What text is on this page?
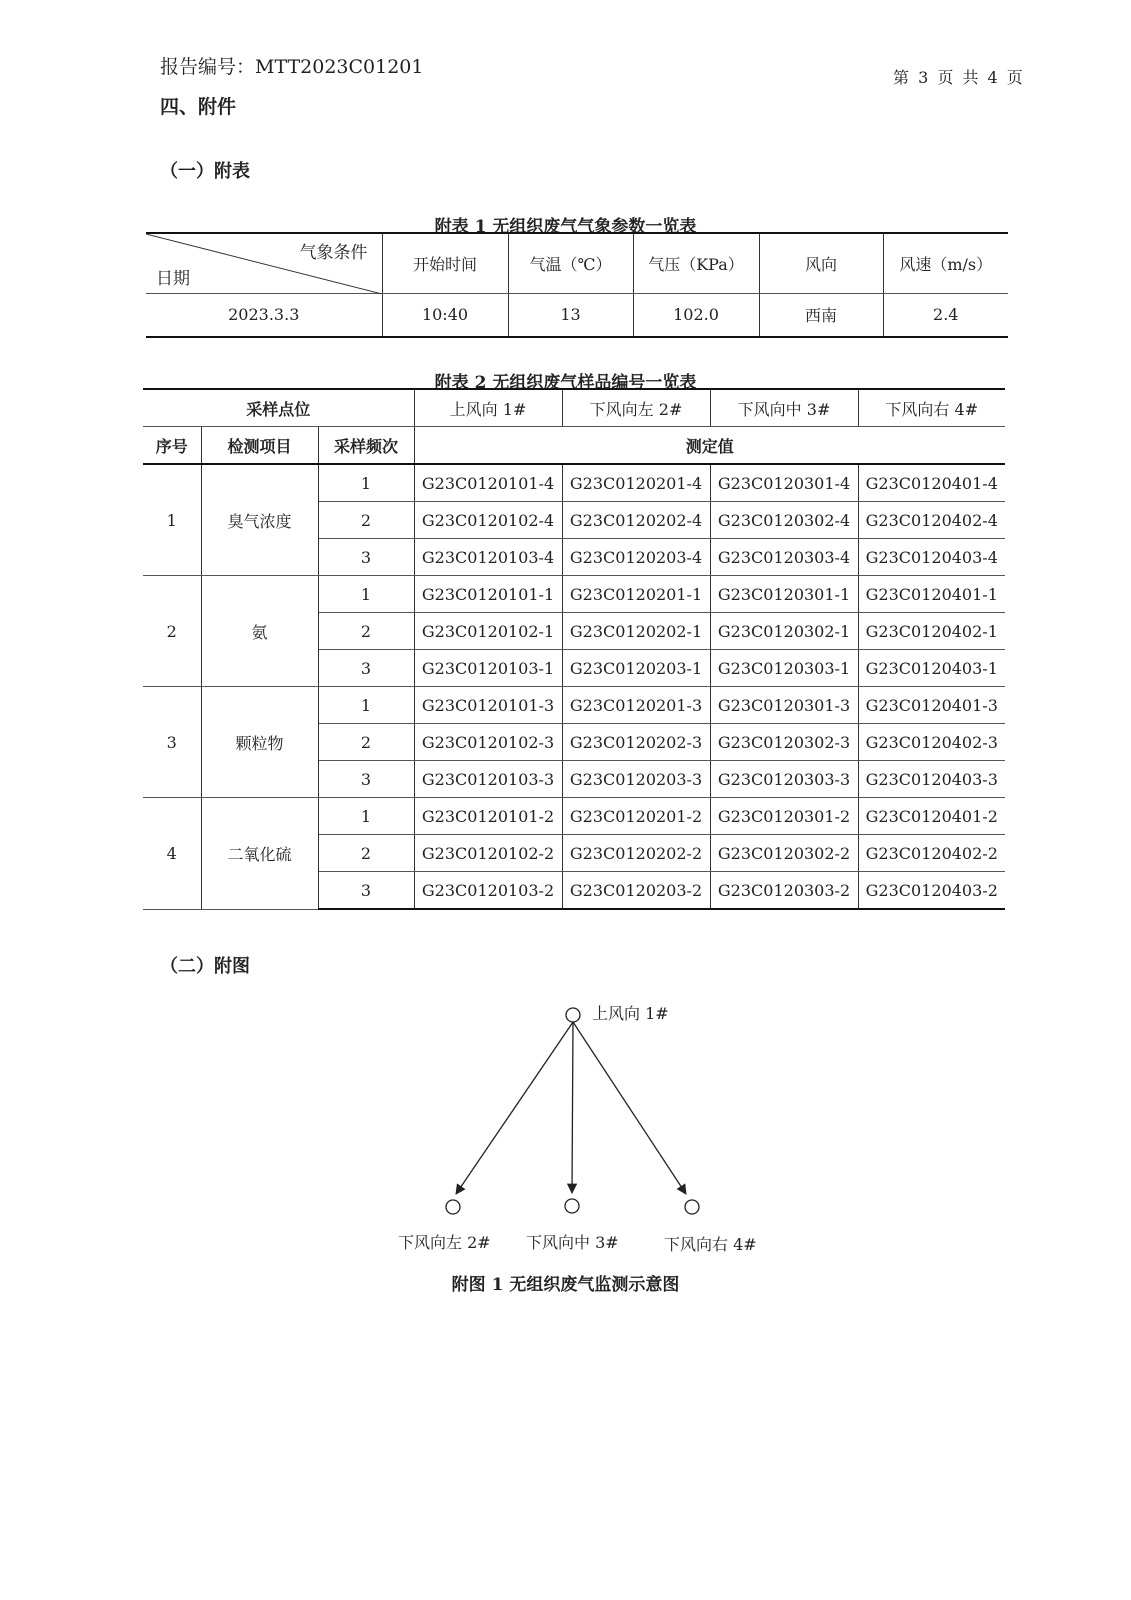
报告编号：MTT2023C01201	第 3 页 共 4 页
四、附件
（一）附表
附表 1 无组织废气气象参数一览表
气象条件
日期	开始时间	气温（℃）	气压（KPa）	风向	风速（m/s）
2023.3.3	10:40	13	102.0	西南	2.4
附表 2 无组织废气样品编号一览表
采样点位			上风向 1#	下风向左 2#	下风向中 3#	下风向右 4#
序号	检测项目	采样频次	测定值			
1	臭气浓度	1	G23C0120101-4	G23C0120201-4	G23C0120301-4	G23C0120401-4
		2	G23C0120102-4	G23C0120202-4	G23C0120302-4	G23C0120402-4
		3	G23C0120103-4	G23C0120203-4	G23C0120303-4	G23C0120403-4
2	氨	1	G23C0120101-1	G23C0120201-1	G23C0120301-1	G23C0120401-1
		2	G23C0120102-1	G23C0120202-1	G23C0120302-1	G23C0120402-1
		3	G23C0120103-1	G23C0120203-1	G23C0120303-1	G23C0120403-1
3	颗粒物	1	G23C0120101-3	G23C0120201-3	G23C0120301-3	G23C0120401-3
		2	G23C0120102-3	G23C0120202-3	G23C0120302-3	G23C0120402-3
		3	G23C0120103-3	G23C0120203-3	G23C0120303-3	G23C0120403-3
4	二氧化硫	1	G23C0120101-2	G23C0120201-2	G23C0120301-2	G23C0120401-2
		2	G23C0120102-2	G23C0120202-2	G23C0120302-2	G23C0120402-2
		3	G23C0120103-2	G23C0120203-2	G23C0120303-2	G23C0120403-2
（二）附图
上风向 1#
下风向左 2# 下风向中 3#	下风向右 4#
附图 1 无组织废气监测示意图
